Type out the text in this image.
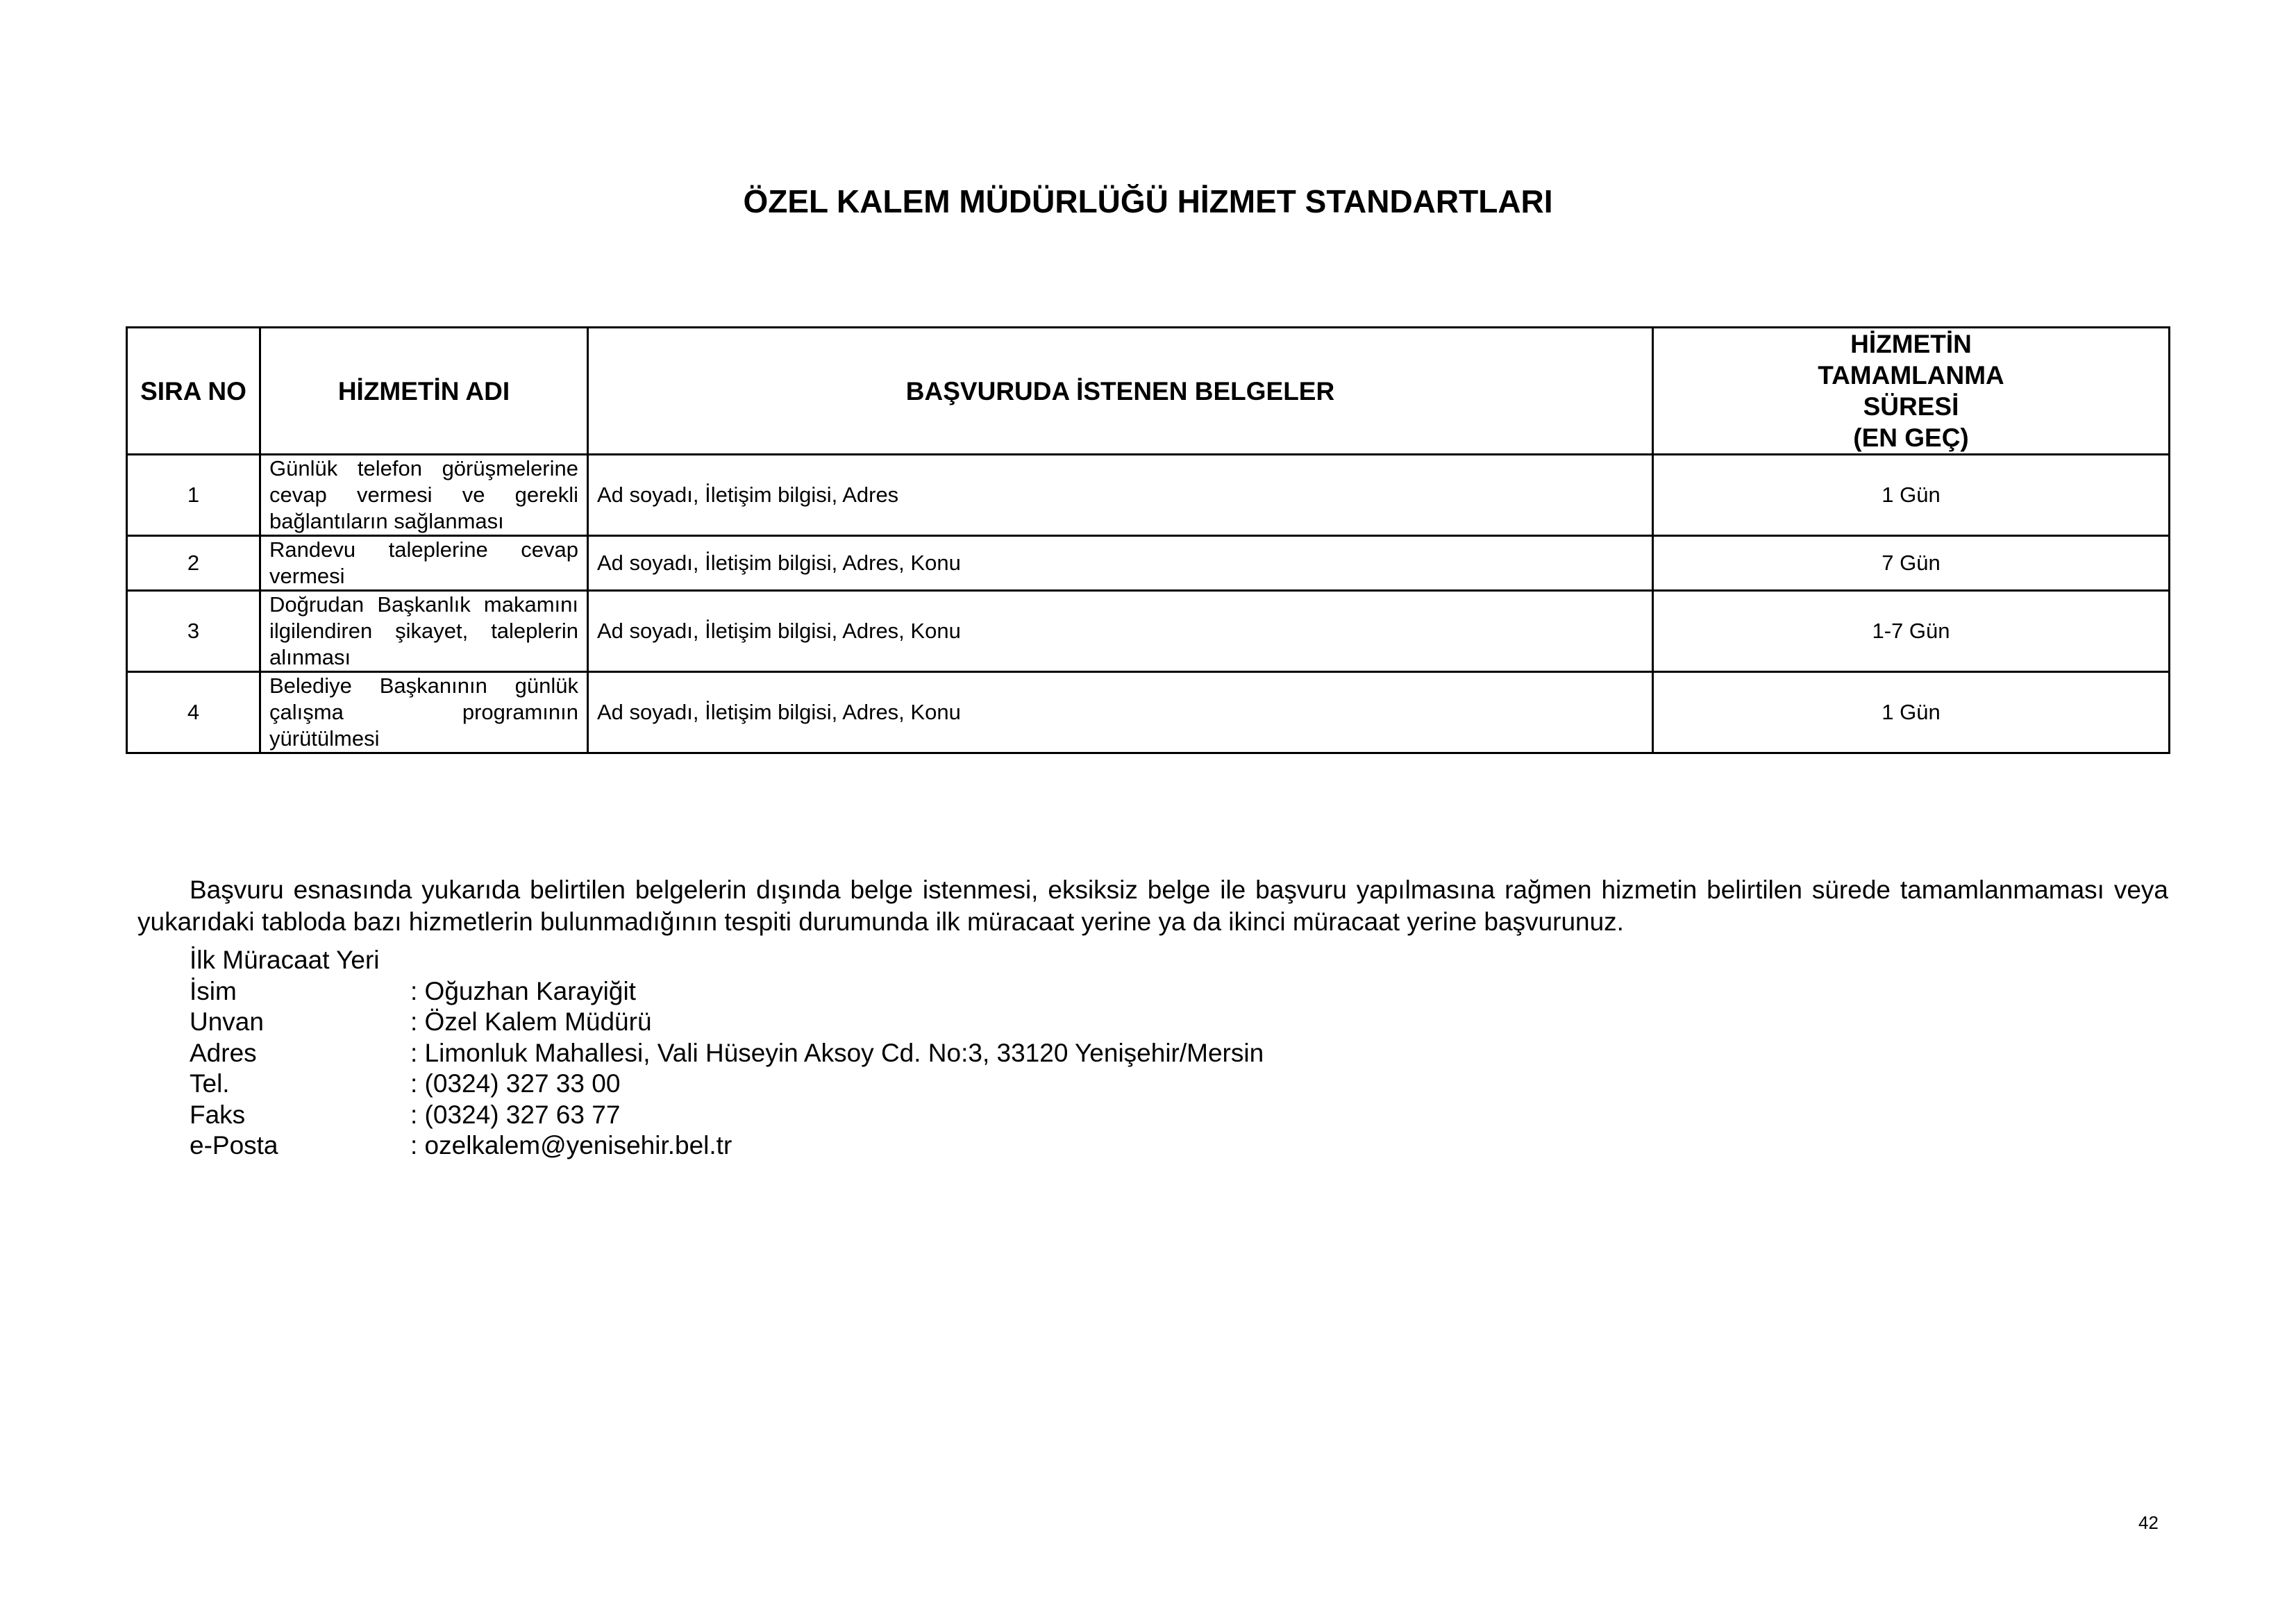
ÖZEL KALEM MÜDÜRLÜĞÜ HİZMET STANDARTLARI
SIRA NO	HİZMETİN ADI	BAŞVURUDA İSTENEN BELGELER	HİZMETİN
TAMAMLANMA
SÜRESİ
(EN GEÇ)

1	Günlük telefon görüşmelerine cevap vermesi ve gerekli bağlantıların sağlanması	Ad soyadı, İletişim bilgisi, Adres	1 Gün
2	Randevu taleplerine cevap vermesi	Ad soyadı, İletişim bilgisi, Adres, Konu	7 Gün
3	Doğrudan Başkanlık makamını ilgilendiren şikayet, taleplerin alınması	Ad soyadı, İletişim bilgisi, Adres, Konu	1-7 Gün
4	Belediye Başkanının günlük çalışma programının yürütülmesi	Ad soyadı, İletişim bilgisi, Adres, Konu	1 Gün

Başvuru esnasında yukarıda belirtilen belgelerin dışında belge istenmesi, eksiksiz belge ile başvuru yapılmasına rağmen hizmetin belirtilen sürede tamamlanmaması veya yukarıdaki tabloda bazı hizmetlerin bulunmadığının tespiti durumunda ilk müracaat yerine ya da ikinci müracaat yerine başvurunuz.

İlk Müracaat Yeri
İsim	: Oğuzhan Karayiğit
Unvan	: Özel Kalem Müdürü
Adres	: Limonluk Mahallesi, Vali Hüseyin Aksoy Cd. No:3, 33120 Yenişehir/Mersin
Tel.	: (0324) 327 33 00
Faks	: (0324) 327 63 77
e-Posta	: ozelkalem@yenisehir.bel.tr
42
